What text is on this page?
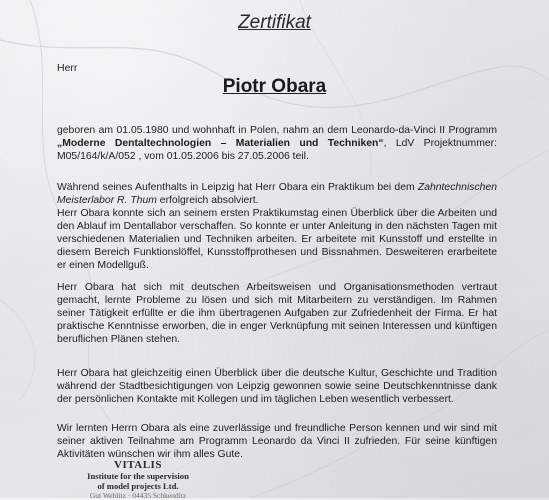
Zertifikat
Herr
Piotr Obara
geboren am 01.05.1980 und wohnhaft in Polen, nahm an dem Leonardo-da-Vinci II Programm „Moderne Dentaltechnologien – Materialien und Techniken“, LdV Projektnummer: M05/164/k/A/052 , vom 01.05.2006 bis 27.05.2006 teil.
Während seines Aufenthalts in Leipzig hat Herr Obara ein Praktikum bei dem Zahntechnischen Meisterlabor R. Thum erfolgreich absolviert.
Herr Obara konnte sich an seinem ersten Praktikumstag einen Überblick über die Arbeiten und den Ablauf im Dentallabor verschaffen. So konnte er unter Anleitung in den nächsten Tagen mit verschiedenen Materialien und Techniken arbeiten. Er arbeitete mit Kunsstoff und erstellte in diesem Bereich Funktionslöffel, Kunsstoffprothesen und Bissnahmen. Desweiteren erarbeitete er einen Modellguß.
Herr Obara hat sich mit deutschen Arbeitsweisen und Organisationsmethoden vertraut gemacht, lernte Probleme zu lösen und sich mit Mitarbeitern zu verständigen. Im Rahmen seiner Tätigkeit erfüllte er die ihm übertragenen Aufgaben zur Zufriedenheit der Firma. Er hat praktische Kenntnisse erworben, die in enger Verknüpfung mit seinen Interessen und künftigen beruflichen Plänen stehen.
Herr Obara hat gleichzeitig einen Überblick über die deutsche Kultur, Geschichte und Tradition während der Stadtbesichtigungen von Leipzig gewonnen sowie seine Deutschkenntnisse dank der persönlichen Kontakte mit Kollegen und im täglichen Leben wesentlich verbessert.
Wir lernten Herrn Obara als eine zuverlässige und freundliche Person kennen und wir sind mit seiner aktiven Teilnahme am Programm Leonardo da Vinci II zufrieden. Für seine künftigen Aktivitäten wünschen wir ihm alles Gute.
VITALIS
Institute for the supervision
of model projects Ltd.
Gut Wehlitz · 04435 Schkeuditz
